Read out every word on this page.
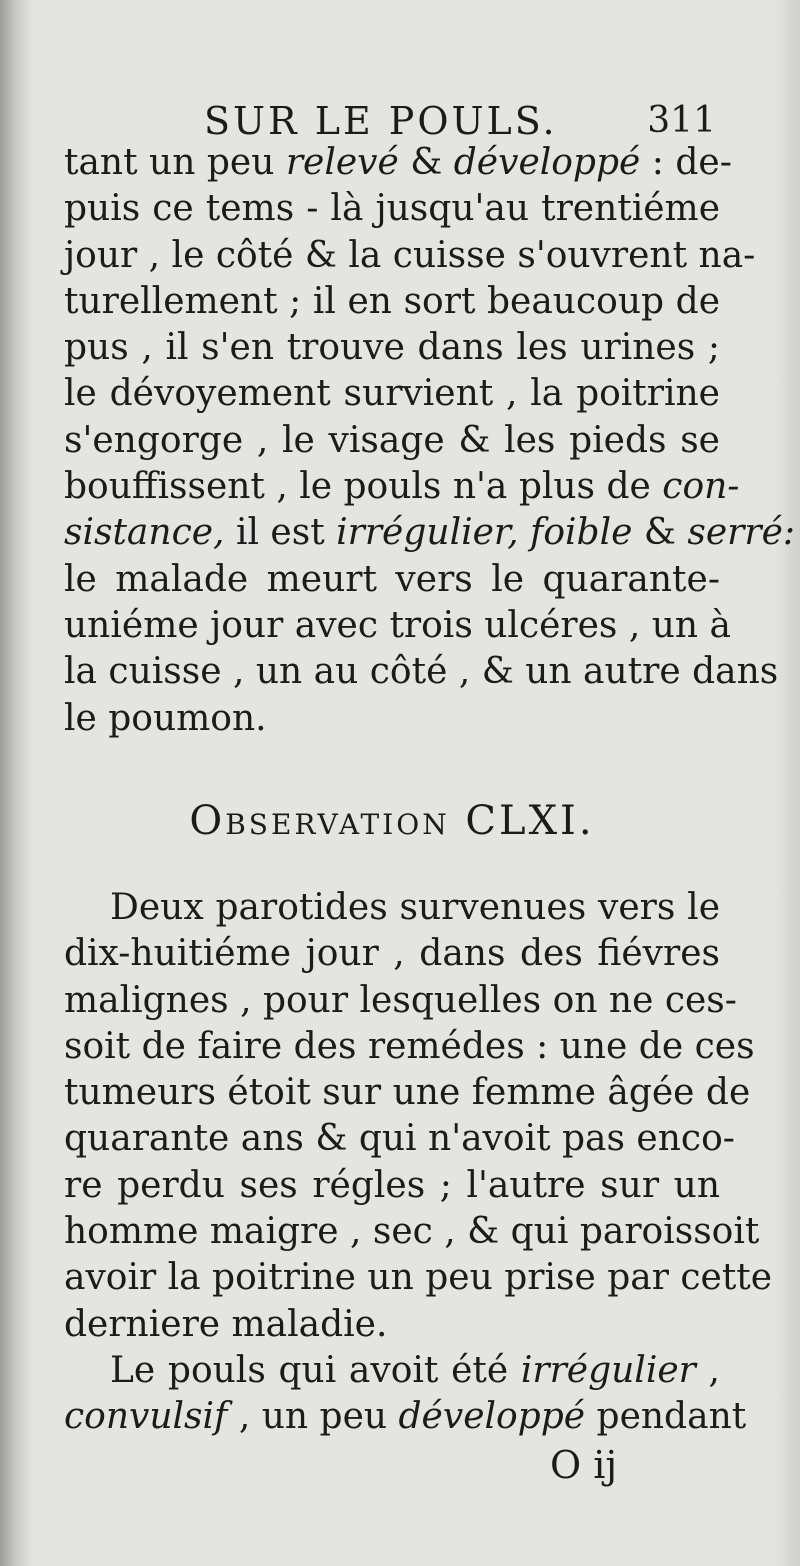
SUR LE POULS. 311
tant un peu relevé & développé : de-
puis ce tems - là jusqu'au trentiéme
jour , le côté & la cuisse s'ouvrent na-
turellement ; il en sort beaucoup de
pus , il s'en trouve dans les urines ;
le dévoyement survient , la poitrine
s'engorge , le visage & les pieds se
bouffissent , le pouls n'a plus de con-
sistance, il est irrégulier, foible & serré:
le malade meurt vers le quarante-
uniéme jour avec trois ulcéres , un à
la cuisse , un au côté , & un autre dans
le poumon.
Observation CLXI.
Deux parotides survenues vers le
dix-huitiéme jour , dans des fiévres
malignes , pour lesquelles on ne ces-
soit de faire des remédes : une de ces
tumeurs étoit sur une femme âgée de
quarante ans & qui n'avoit pas enco-
re perdu ses régles ; l'autre sur un
homme maigre , sec , & qui paroissoit
avoir la poitrine un peu prise par cette
derniere maladie.
Le pouls qui avoit été irrégulier ,
convulsif , un peu développé pendant
O ij
